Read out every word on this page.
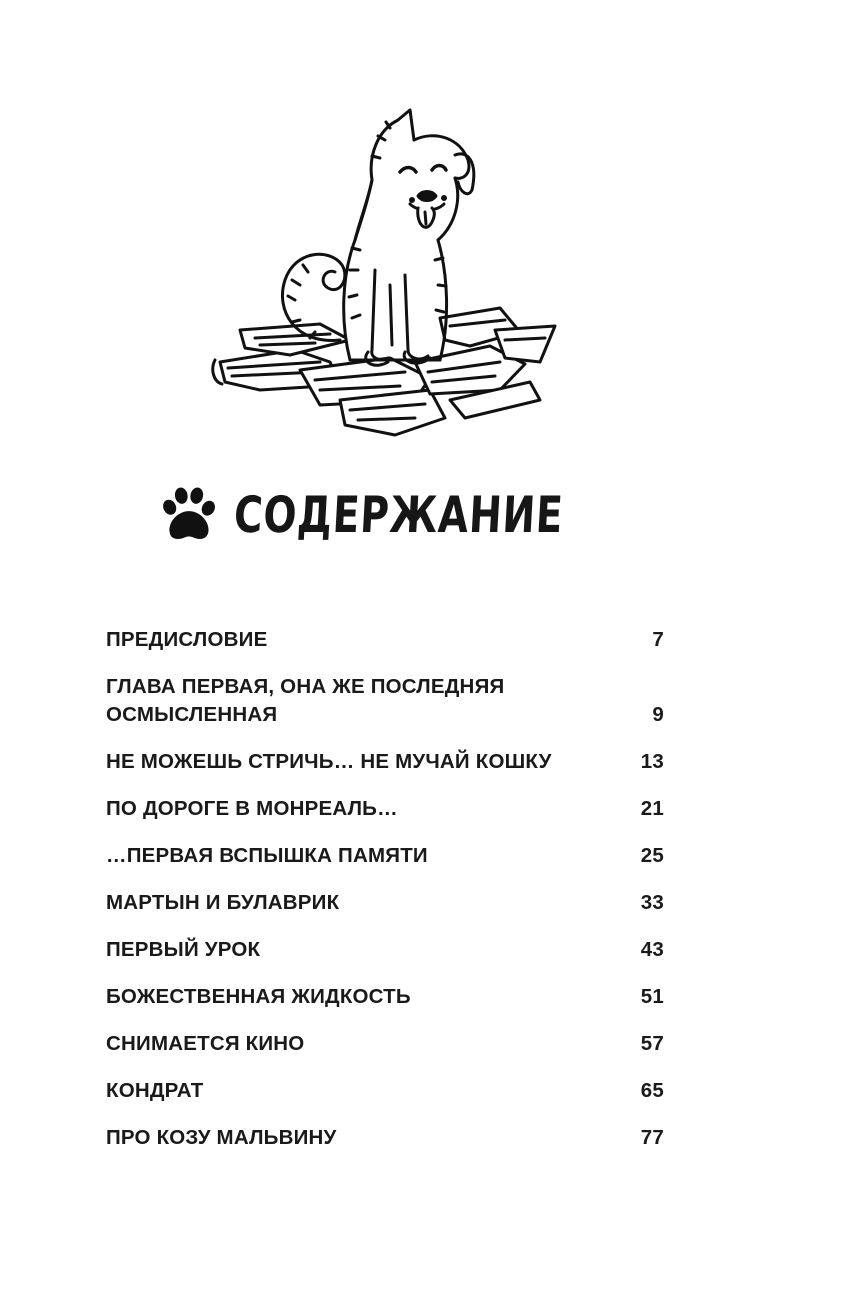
СОДЕРЖАНИЕ
ПРЕДИСЛОВИЕ	7
ГЛАВА ПЕРВАЯ, ОНА ЖЕ ПОСЛЕДНЯЯ
ОСМЫСЛЕННАЯ	9
НЕ МОЖЕШЬ СТРИЧЬ… НЕ МУЧАЙ КОШКУ	13
ПО ДОРОГЕ В МОНРЕАЛЬ…	21
…ПЕРВАЯ ВСПЫШКА ПАМЯТИ	25
МАРТЫН И БУЛАВРИК	33
ПЕРВЫЙ УРОК	43
БОЖЕСТВЕННАЯ ЖИДКОСТЬ	51
СНИМАЕТСЯ КИНО	57
КОНДРАТ	65
ПРО КОЗУ МАЛЬВИНУ	77
